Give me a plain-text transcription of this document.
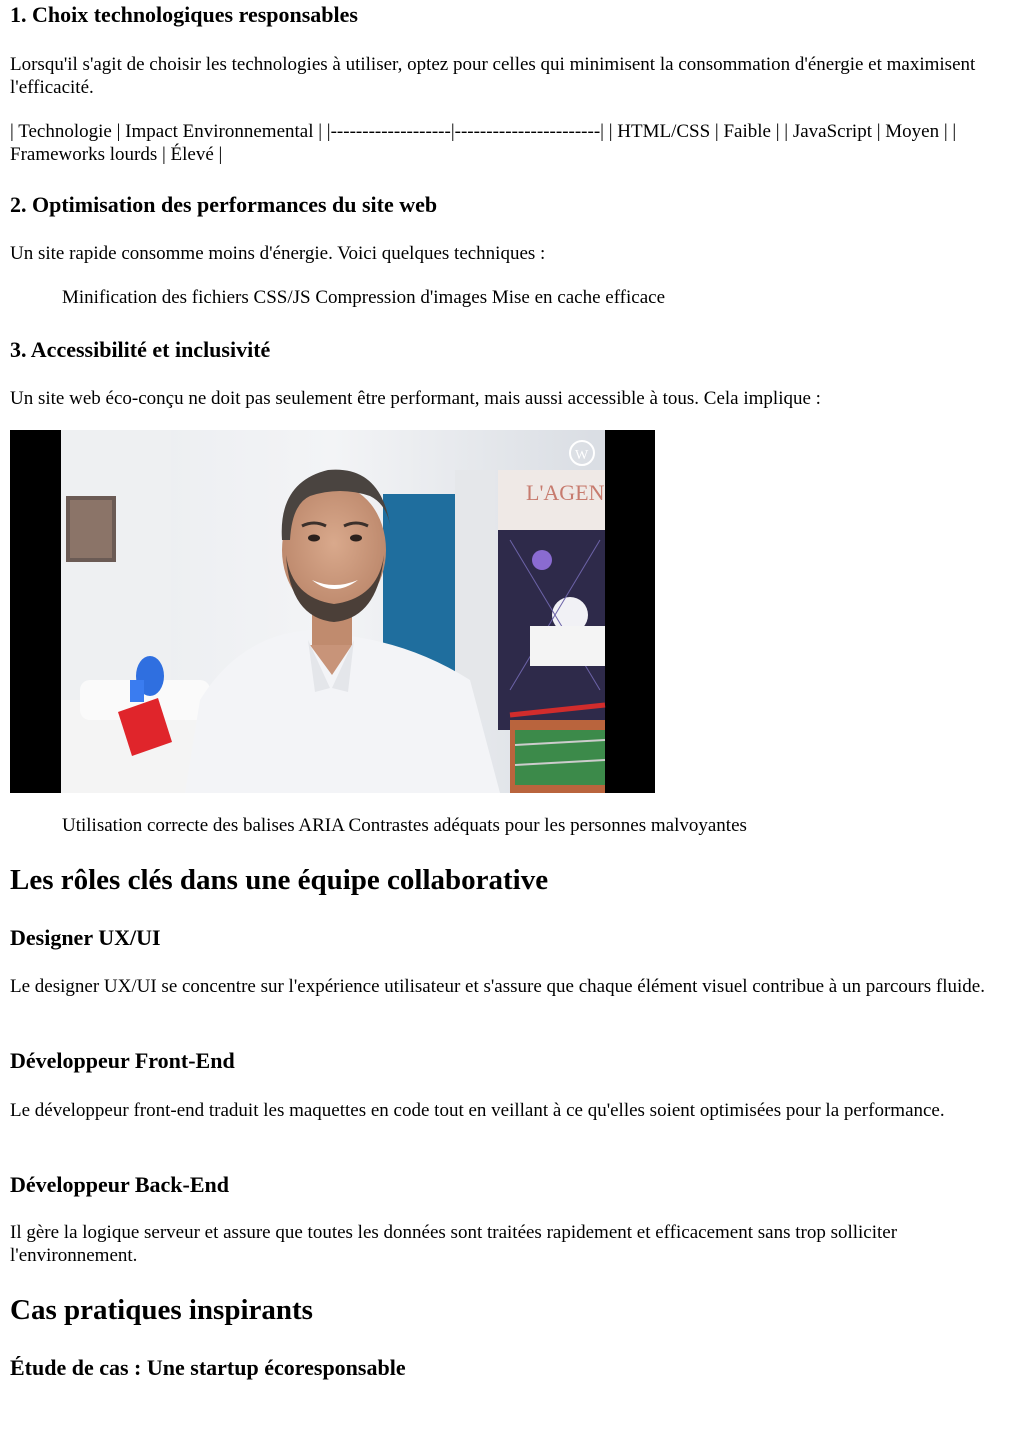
1. Choix technologiques responsables

Lorsqu'il s'agit de choisir les technologies à utiliser, optez pour celles qui minimisent la consommation d'énergie et maximisent l'efficacité.

| Technologie | Impact Environnemental | |-------------------|-----------------------| | HTML/CSS | Faible | | JavaScript | Moyen | | Frameworks lourds | Élevé |

2. Optimisation des performances du site web

Un site rapide consomme moins d'énergie. Voici quelques techniques :

Minification des fichiers CSS/JS Compression d'images Mise en cache efficace
3. Accessibilité et inclusivité

Un site web éco-conçu ne doit pas seulement être performant, mais aussi accessible à tous. Cela implique :

L'AGEN
W
Utilisation correcte des balises ARIA Contrastes adéquats pour les personnes malvoyantes
Les rôles clés dans une équipe collaborative
Designer UX/UI

Le designer UX/UI se concentre sur l'expérience utilisateur et s'assure que chaque élément visuel contribue à un parcours fluide.

Développeur Front-End

Le développeur front-end traduit les maquettes en code tout en veillant à ce qu'elles soient optimisées pour la performance.

Développeur Back-End

Il gère la logique serveur et assure que toutes les données sont traitées rapidement et efficacement sans trop solliciter l'environnement.

Cas pratiques inspirants
Étude de cas : Une startup écoresponsable
